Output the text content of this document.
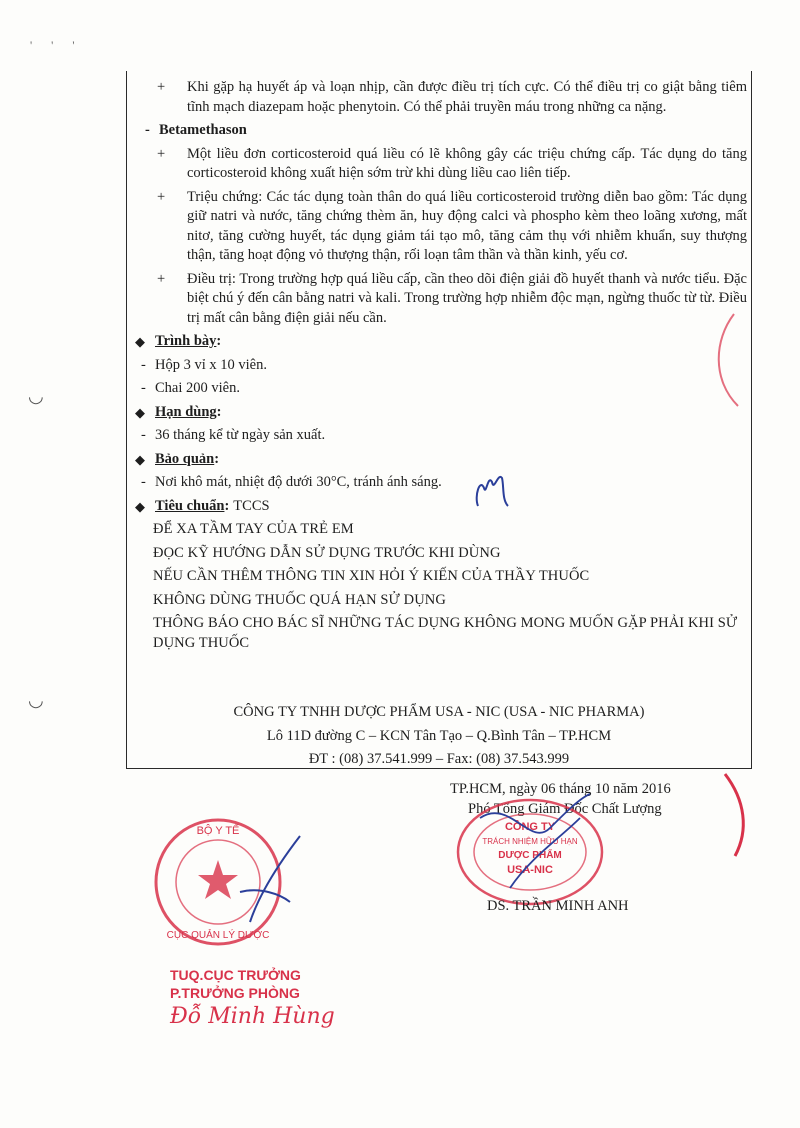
' ' '
◡
◡
+	Khi gặp hạ huyết áp và loạn nhịp, cần được điều trị tích cực. Có thể điều trị co giật bằng tiêm tĩnh mạch diazepam hoặc phenytoin. Có thể phải truyền máu trong những ca nặng.
- Betamethason
+	Một liều đơn corticosteroid quá liều có lẽ không gây các triệu chứng cấp. Tác dụng do tăng corticosteroid không xuất hiện sớm trừ khi dùng liều cao liên tiếp.
+	Triệu chứng: Các tác dụng toàn thân do quá liều corticosteroid trường diễn bao gồm: Tác dụng giữ natri và nước, tăng chứng thèm ăn, huy động calci và phospho kèm theo loãng xương, mất nitơ, tăng cường huyết, tác dụng giảm tái tạo mô, tăng cảm thụ với nhiễm khuẩn, suy thượng thận, tăng hoạt động vỏ thượng thận, rối loạn tâm thần và thần kinh, yếu cơ.
+	Điều trị: Trong trường hợp quá liều cấp, cần theo dõi điện giải đồ huyết thanh và nước tiểu. Đặc biệt chú ý đến cân bằng natri và kali. Trong trường hợp nhiễm độc mạn, ngừng thuốc từ từ. Điều trị mất cân bằng điện giải nếu cần.
◆ Trình bày :
- Hộp 3 vỉ x 10 viên.
- Chai 200 viên.
◆ Hạn dùng :
- 36 tháng kể từ ngày sản xuất.
◆ Bảo quản :
- Nơi khô mát, nhiệt độ dưới 30°C, tránh ánh sáng.
◆ Tiêu chuẩn : TCCS
ĐỂ XA TẦM TAY CỦA TRẺ EM
ĐỌC KỸ HƯỚNG DẪN SỬ DỤNG TRƯỚC KHI DÙNG
NẾU CẦN THÊM THÔNG TIN XIN HỎI Ý KIẾN CỦA THẦY THUỐC
KHÔNG DÙNG THUỐC QUÁ HẠN SỬ DỤNG
THÔNG BÁO CHO BÁC SĨ NHỮNG TÁC DỤNG KHÔNG MONG MUỐN GẶP PHẢI KHI SỬ DỤNG THUỐC
CÔNG TY TNHH DƯỢC PHẨM USA - NIC (USA - NIC PHARMA)
Lô 11D đường C – KCN Tân Tạo – Q.Bình Tân – TP.HCM
ĐT : (08) 37.541.999 – Fax: (08) 37.543.999
TP.HCM, ngày 06 tháng 10 năm 2016
Phó Tổng Giám Đốc Chất Lượng
CÔNG TY
TRÁCH NHIỆM HỮU HẠN
DƯỢC PHẨM
USA-NIC
DS. TRẦN MINH ANH
BỘ Y TẾ
CỤC QUẢN LÝ DƯỢC
TUQ.CỤC TRƯỞNG
P.TRƯỞNG PHÒNG
Đỗ Minh Hùng
